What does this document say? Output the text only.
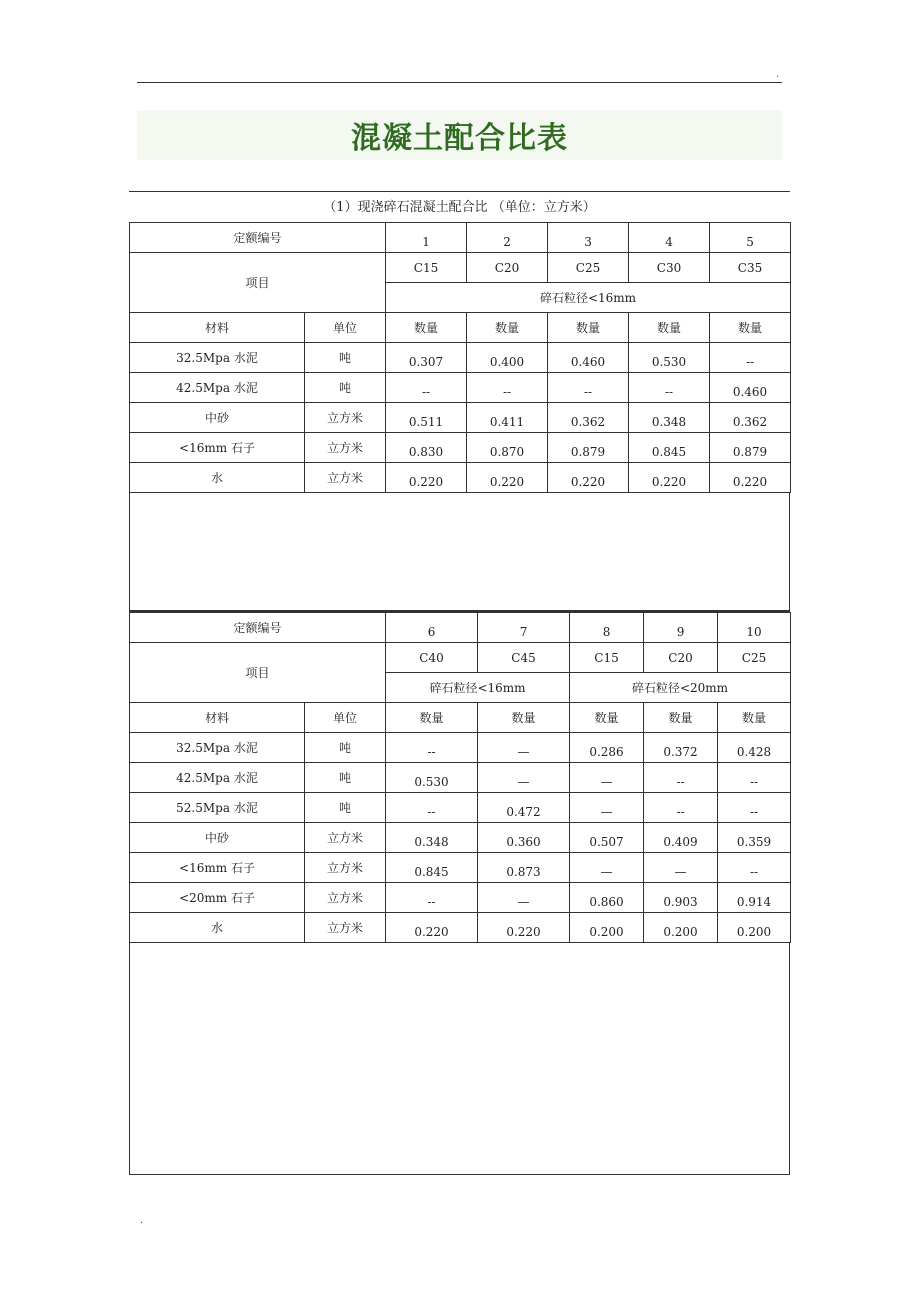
.
混凝土配合比表
（1）现浇碎石混凝土配合比 （单位：立方米）
定额编号		1	2	3	4	5
项目		C15	C20	C25	C30	C35
		碎石粒径<16mm				
材料	单位	数量	数量	数量	数量	数量
32.5Mpa 水泥	吨	0.307	0.400	0.460	0.530	--
42.5Mpa 水泥	吨	--	--	--	--	0.460
中砂	立方米	0.511	0.411	0.362	0.348	0.362
<16mm 石子	立方米	0.830	0.870	0.879	0.845	0.879
水	立方米	0.220	0.220	0.220	0.220	0.220
定额编号		6	7	8	9	10
项目		C40	C45	C15	C20	C25
		碎石粒径<16mm		碎石粒径<20mm		
材料	单位	数量	数量	数量	数量	数量
32.5Mpa 水泥	吨	--	—	0.286	0.372	0.428
42.5Mpa 水泥	吨	0.530	—	—	--	--
52.5Mpa 水泥	吨	--	0.472	—	--	--
中砂	立方米	0.348	0.360	0.507	0.409	0.359
<16mm 石子	立方米	0.845	0.873	—	—	--
<20mm 石子	立方米	--	—	0.860	0.903	0.914
水	立方米	0.220	0.220	0.200	0.200	0.200
.
